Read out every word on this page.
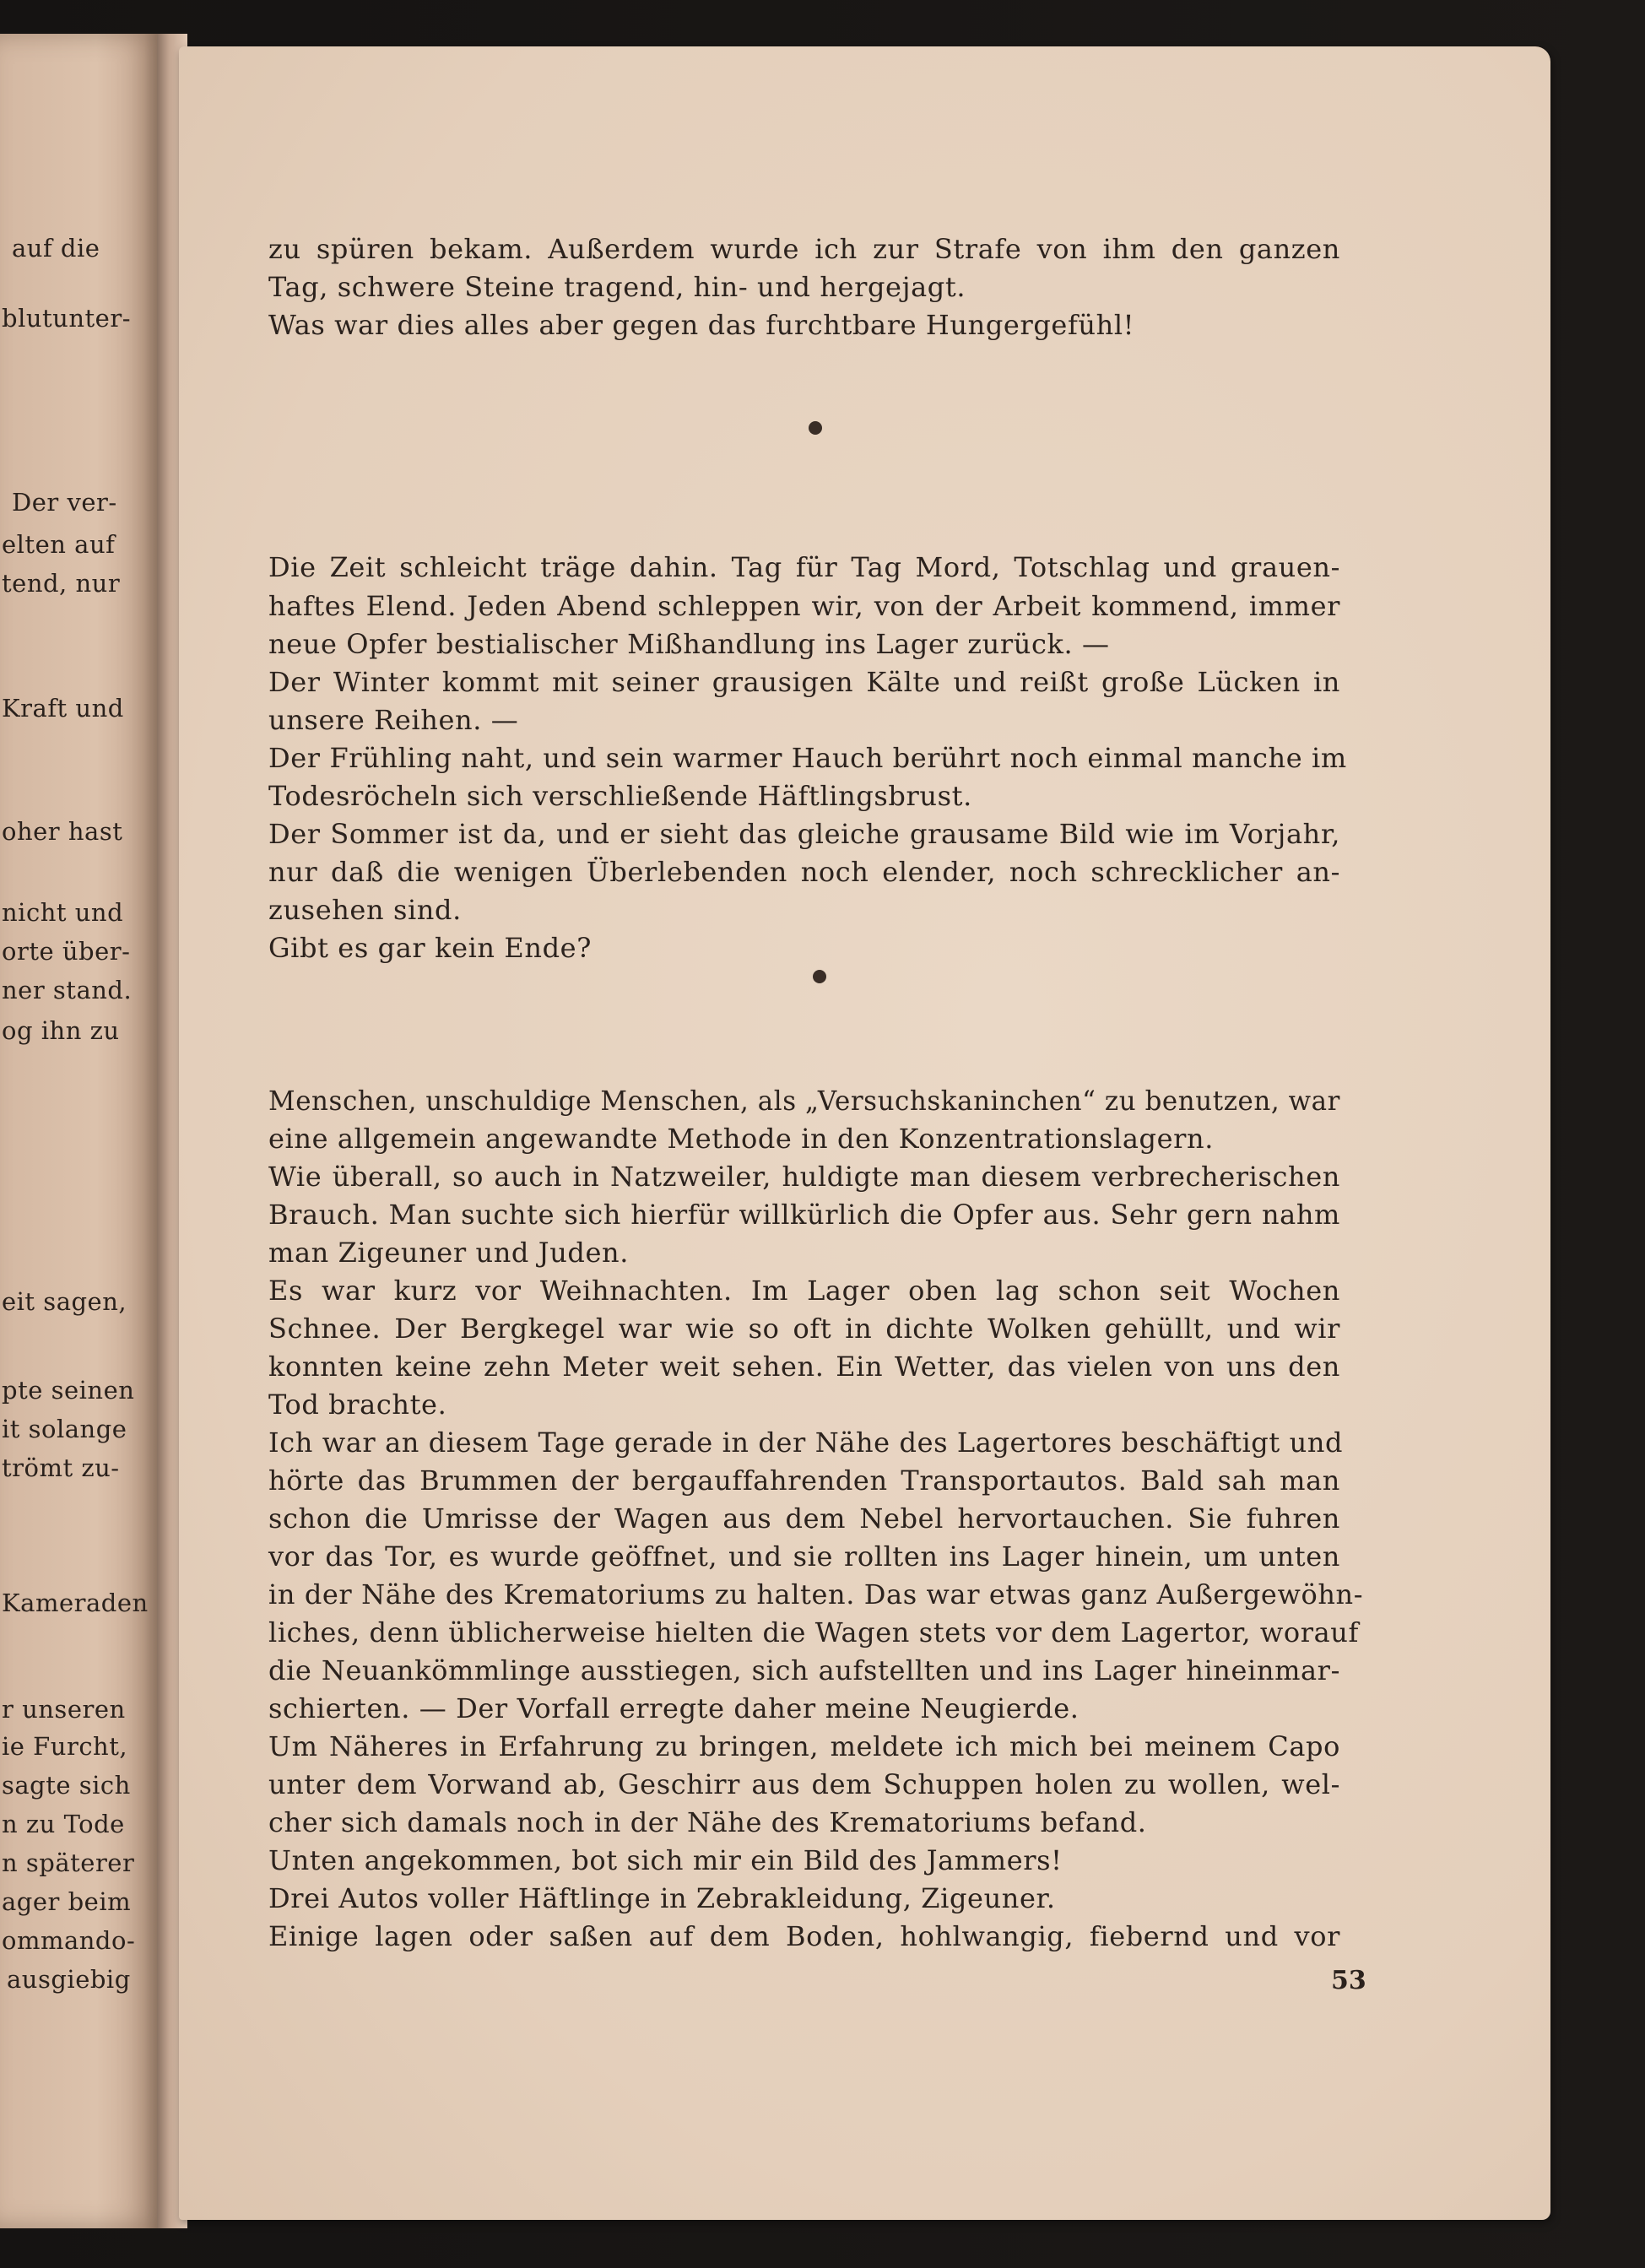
auf die
blutunter-
Der ver-
elten auf
tend, nur
Kraft und
oher hast
nicht und
orte über-
ner stand.
og ihn zu
eit sagen,
pte seinen
it solange
trömt zu-
Kameraden
r unseren
ie Furcht,
sagte sich
n zu Tode
n späterer
ager beim
ommando-
ausgiebig
zu spüren bekam. Außerdem wurde ich zur Strafe von ihm den ganzen
Tag, schwere Steine tragend, hin- und hergejagt.
Was war dies alles aber gegen das furchtbare Hungergefühl!
Die Zeit schleicht träge dahin. Tag für Tag Mord, Totschlag und grauen-
haftes Elend. Jeden Abend schleppen wir, von der Arbeit kommend, immer
neue Opfer bestialischer Mißhandlung ins Lager zurück. —
Der Winter kommt mit seiner grausigen Kälte und reißt große Lücken in
unsere Reihen. —
Der Frühling naht, und sein warmer Hauch berührt noch einmal manche im
Todesröcheln sich verschließende Häftlingsbrust.
Der Sommer ist da, und er sieht das gleiche grausame Bild wie im Vorjahr,
nur daß die wenigen Überlebenden noch elender, noch schrecklicher an-
zusehen sind.
Gibt es gar kein Ende?
Menschen, unschuldige Menschen, als „Versuchskaninchen“ zu benutzen, war
eine allgemein angewandte Methode in den Konzentrationslagern.
Wie überall, so auch in Natzweiler, huldigte man diesem verbrecherischen
Brauch. Man suchte sich hierfür willkürlich die Opfer aus. Sehr gern nahm
man Zigeuner und Juden.
Es war kurz vor Weihnachten. Im Lager oben lag schon seit Wochen
Schnee. Der Bergkegel war wie so oft in dichte Wolken gehüllt, und wir
konnten keine zehn Meter weit sehen. Ein Wetter, das vielen von uns den
Tod brachte.
Ich war an diesem Tage gerade in der Nähe des Lagertores beschäftigt und
hörte das Brummen der bergauffahrenden Transportautos. Bald sah man
schon die Umrisse der Wagen aus dem Nebel hervortauchen. Sie fuhren
vor das Tor, es wurde geöffnet, und sie rollten ins Lager hinein, um unten
in der Nähe des Krematoriums zu halten. Das war etwas ganz Außergewöhn-
liches, denn üblicherweise hielten die Wagen stets vor dem Lagertor, worauf
die Neuankömmlinge ausstiegen, sich aufstellten und ins Lager hineinmar-
schierten. — Der Vorfall erregte daher meine Neugierde.
Um Näheres in Erfahrung zu bringen, meldete ich mich bei meinem Capo
unter dem Vorwand ab, Geschirr aus dem Schuppen holen zu wollen, wel-
cher sich damals noch in der Nähe des Krematoriums befand.
Unten angekommen, bot sich mir ein Bild des Jammers!
Drei Autos voller Häftlinge in Zebrakleidung, Zigeuner.
Einige lagen oder saßen auf dem Boden, hohlwangig, fiebernd und vor
53
